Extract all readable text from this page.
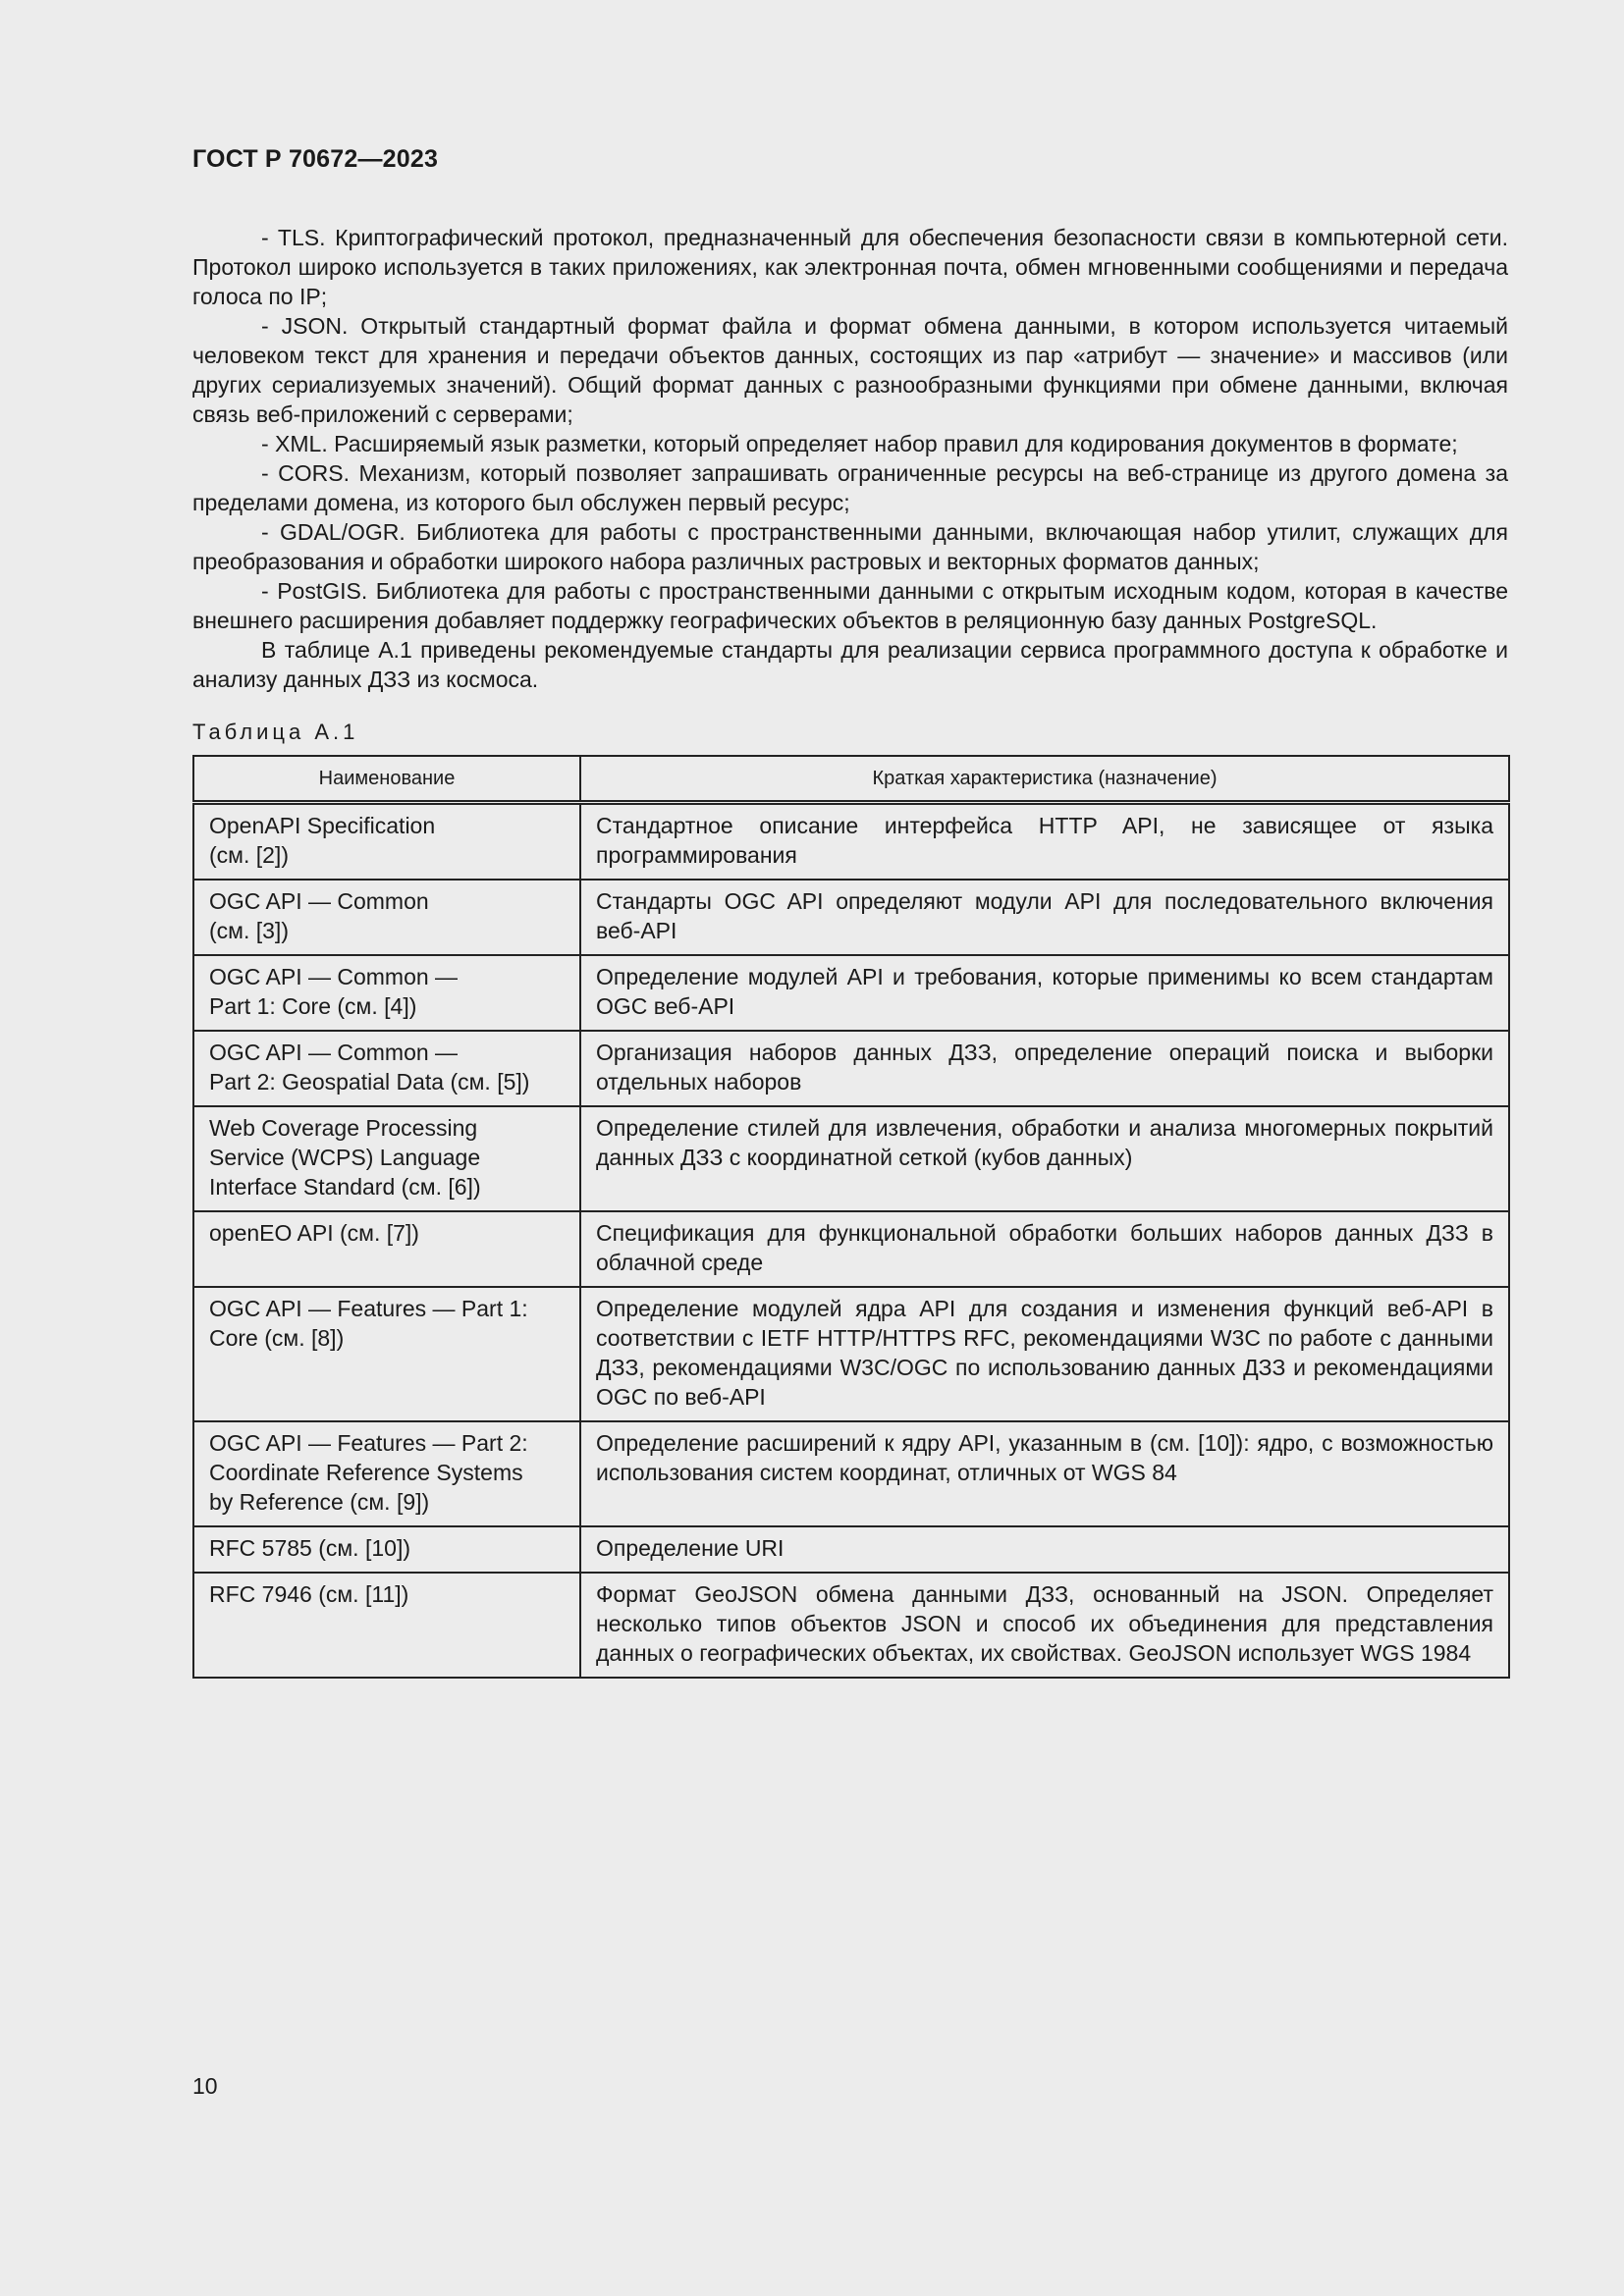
ГОСТ Р 70672—2023

- TLS. Криптографический протокол, предназначенный для обеспечения безопасности связи в компьютерной сети. Протокол широко используется в таких приложениях, как электронная почта, обмен мгновенными сообщениями и передача голоса по IP;

- JSON. Открытый стандартный формат файла и формат обмена данными, в котором используется читаемый человеком текст для хранения и передачи объектов данных, состоящих из пар «атрибут — значение» и массивов (или других сериализуемых значений). Общий формат данных с разнообразными функциями при обмене данными, включая связь веб-приложений с серверами;

- XML. Расширяемый язык разметки, который определяет набор правил для кодирования документов в формате;

- CORS. Механизм, который позволяет запрашивать ограниченные ресурсы на веб-странице из другого домена за пределами домена, из которого был обслужен первый ресурс;

- GDAL/OGR. Библиотека для работы с пространственными данными, включающая набор утилит, служащих для преобразования и обработки широкого набора различных растровых и векторных форматов данных;

- PostGIS. Библиотека для работы с пространственными данными с открытым исходным кодом, которая в качестве внешнего расширения добавляет поддержку географических объектов в реляционную базу данных PostgreSQL.

В таблице А.1 приведены рекомендуемые стандарты для реализации сервиса программного доступа к обработке и анализу данных ДЗЗ из космоса.

Таблица А.1
Наименование	Краткая характеристика (назначение)
OpenAPI Specification
(см. [2])	Стандартное описание интерфейса HTTP API, не зависящее от языка программирования
OGC API — Common
(см. [3])	Стандарты OGC API определяют модули API для последовательного включения веб-API
OGC API — Common —
Part 1: Core (см. [4])	Определение модулей API и требования, которые применимы ко всем стандартам OGC веб-API
OGC API — Common —
Part 2: Geospatial Data (см. [5])	Организация наборов данных ДЗЗ, определение операций поиска и выборки отдельных наборов
Web Coverage Processing
Service (WCPS) Language
Interface Standard (см. [6])	Определение стилей для извлечения, обработки и анализа многомерных покрытий данных ДЗЗ с координатной сеткой (кубов данных)
openEO API (см. [7])	Спецификация для функциональной обработки больших наборов данных ДЗЗ в облачной среде
OGC API — Features — Part 1:
Core (см. [8])	Определение модулей ядра API для создания и изменения функций веб-API в соответствии с IETF HTTP/HTTPS RFC, рекомендациями W3C по работе с данными ДЗЗ, рекомендациями W3C/OGC по использованию данных ДЗЗ и рекомендациями OGC по веб-API
OGC API — Features — Part 2:
Coordinate Reference Systems
by Reference (см. [9])	Определение расширений к ядру API, указанным в (см. [10]): ядро, с возможностью использования систем координат, отличных от WGS 84
RFC 5785 (см. [10])	Определение URI
RFC 7946 (см. [11])	Формат GeoJSON обмена данными ДЗЗ, основанный на JSON. Определяет несколько типов объектов JSON и способ их объединения для представления данных о географических объектах, их свойствах. GeoJSON использует WGS 1984
10
